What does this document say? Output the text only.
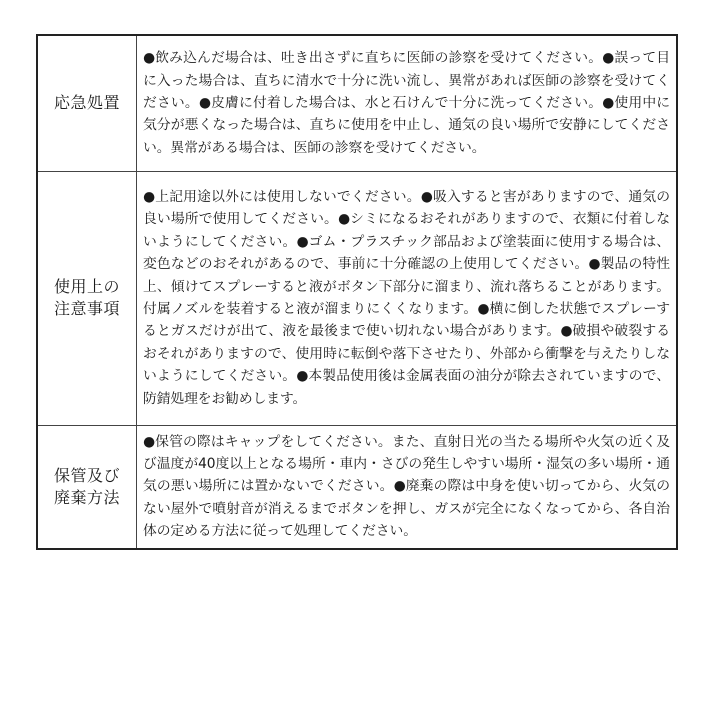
応急処置	●飲み込んだ場合は、吐き出さずに直ちに医師の診察を受けてください。●誤って目に入った場合は、直ちに清水で十分に洗い流し、異常があれば医師の診察を受けてください。●皮膚に付着した場合は、水と石けんで十分に洗ってください。●使用中に気分が悪くなった場合は、直ちに使用を中止し、通気の良い場所で安静にしてください。異常がある場合は、医師の診察を受けてください。
使用上の
注意事項	●上記用途以外には使用しないでください。●吸入すると害がありますので、通気の良い場所で使用してください。●シミになるおそれがありますので、衣類に付着しないようにしてください。●ゴム・プラスチック部品および塗装面に使用する場合は、変色などのおそれがあるので、事前に十分確認の上使用してください。●製品の特性上、傾けてスプレーすると液がボタン下部分に溜まり、流れ落ちることがあります。付属ノズルを装着すると液が溜まりにくくなります。●横に倒した状態でスプレーするとガスだけが出て、液を最後まで使い切れない場合があります。●破損や破裂するおそれがありますので、使用時に転倒や落下させたり、外部から衝撃を与えたりしないようにしてください。●本製品使用後は金属表面の油分が除去されていますので、防錆処理をお勧めします。
保管及び
廃棄方法	●保管の際はキャップをしてください。また、直射日光の当たる場所や火気の近く及び温度が40度以上となる場所・車内・さびの発生しやすい場所・湿気の多い場所・通気の悪い場所には置かないでください。●廃棄の際は中身を使い切ってから、火気のない屋外で噴射音が消えるまでボタンを押し、ガスが完全になくなってから、各自治体の定める方法に従って処理してください。
